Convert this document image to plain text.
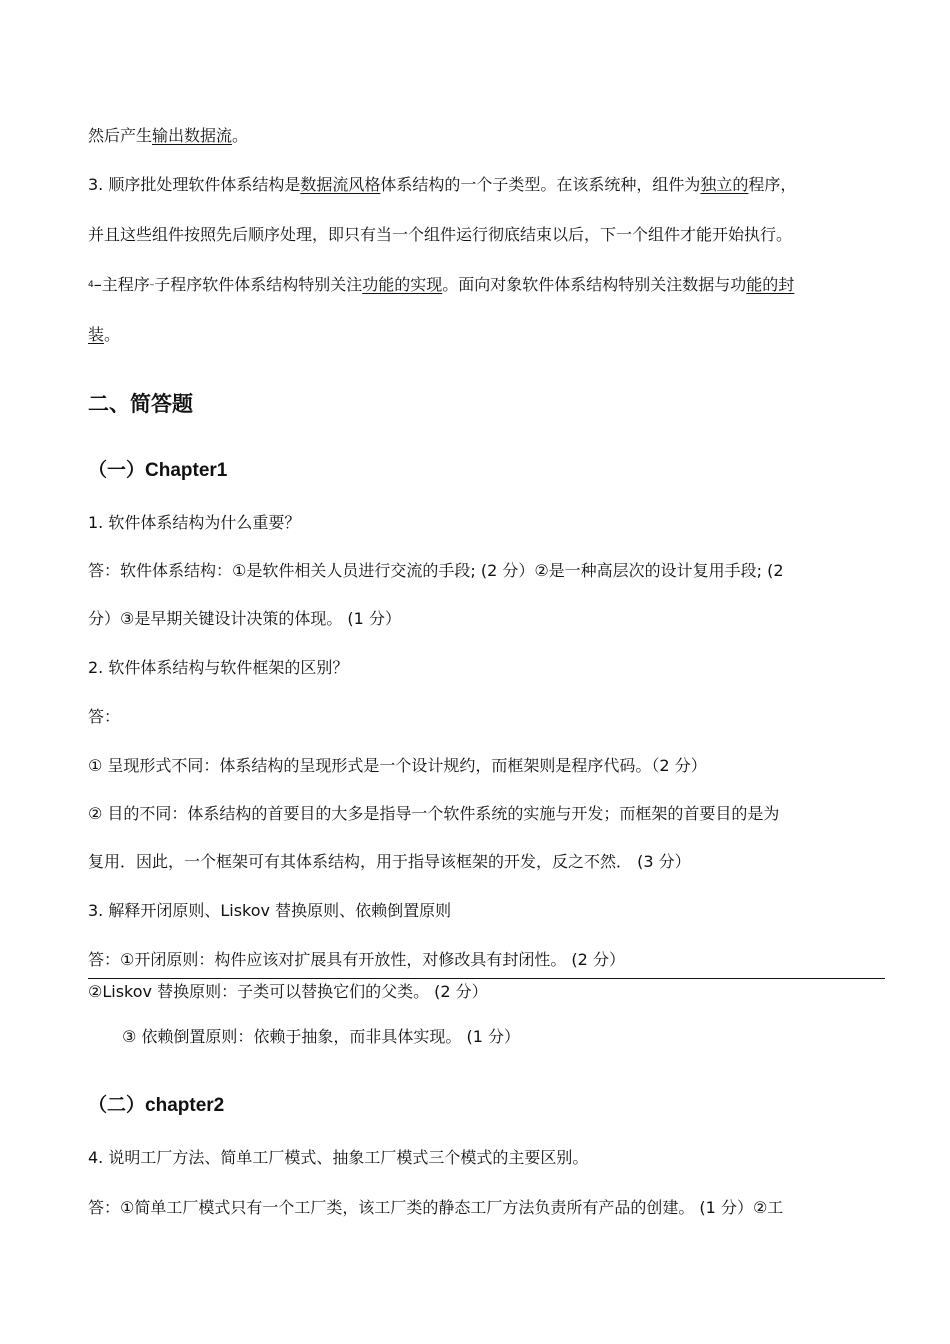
然后产生输出数据流。
3. 顺序批处理软件体系结构是数据流风格体系结构的一个子类型。在该系统种，组件为独立的程序，
并且这些组件按照先后顺序处理，即只有当一个组件运行彻底结束以后，下一个组件才能开始执行。
$^4$–主程序–子程序软件体系结构特别关注功能的实现。面向对象软件体系结构特别关注数据与功能的封
装。
二、简答题
（一）Chapter1
1. 软件体系结构为什么重要？
答：软件体系结构：①是软件相关人员进行交流的手段; (2 分）②是一种高层次的设计复用手段; (2
分）③是早期关键设计决策的体现。 (1 分）
2. 软件体系结构与软件框架的区别？
答：
① 呈现形式不同：体系结构的呈现形式是一个设计规约，而框架则是程序代码。（2 分）
② 目的不同：体系结构的首要目的大多是指导一个软件系统的实施与开发；而框架的首要目的是为
复用．因此，一个框架可有其体系结构，用于指导该框架的开发，反之不然． (3 分）
3. 解释开闭原则、Liskov 替换原则、依赖倒置原则
答：①开闭原则：构件应该对扩展具有开放性，对修改具有封闭性。 (2 分）
②Liskov 替换原则：子类可以替换它们的父类。 (2 分）
③ 依赖倒置原则：依赖于抽象，而非具体实现。 (1 分）
（二）chapter2
4. 说明工厂方法、简单工厂模式、抽象工厂模式三个模式的主要区别。
答：①简单工厂模式只有一个工厂类，该工厂类的静态工厂方法负责所有产品的创建。 (1 分）②工
